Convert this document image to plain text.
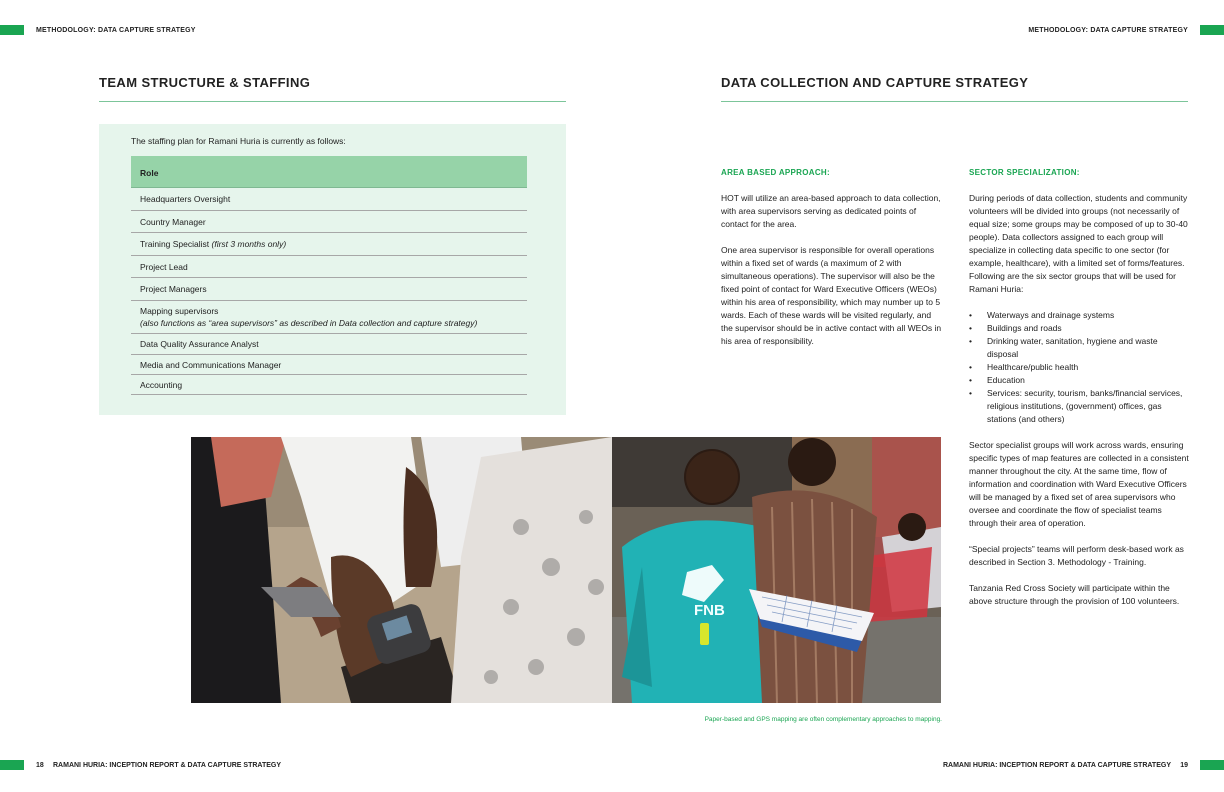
METHODOLOGY: DATA CAPTURE STRATEGY	METHODOLOGY: DATA CAPTURE STRATEGY
TEAM STRUCTURE & STAFFING
The staffing plan for Ramani Huria is currently as follows:
Role
Headquarters Oversight
Country Manager
Training Specialist (first 3 months only)
Project Lead
Project Managers
Mapping supervisors
(also functions as “area supervisors” as described in Data collection and capture strategy)
Data Quality Assurance Analyst
Media and Communications Manager
Accounting
FNB
Paper-based and GPS mapping are often complementary approaches to mapping.
DATA COLLECTION AND CAPTURE STRATEGY
AREA BASED APPROACH:

HOT will utilize an area-based approach to data collection, with area supervisors serving as dedicated points of contact for the area.

One area supervisor is responsible for overall operations within a fixed set of wards (a maximum of 2 with simultaneous operations). The supervisor will also be the fixed point of contact for Ward Executive Officers (WEOs) within his area of responsibility, which may number up to 5 wards. Each of these wards will be visited regularly, and the supervisor should be in active contact with all WEOs in his area of responsibility.

SECTOR SPECIALIZATION:

During periods of data collection, students and community volunteers will be divided into groups (not necessarily of equal size; some groups may be composed of up to 30-40 people). Data collectors assigned to each group will specialize in collecting data specific to one sector (for example, healthcare), with a limited set of forms/features. Following are the six sector groups that will be used for Ramani Huria:

• Waterways and drainage systems
• Buildings and roads
• Drinking water, sanitation, hygiene and waste disposal
• Healthcare/public health
• Education
• Services: security, tourism, banks/financial services, religious institutions, (government) offices, gas stations (and others)

Sector specialist groups will work across wards, ensuring specific types of map features are collected in a consistent manner throughout the city. At the same time, flow of information and coordination with Ward Executive Officers will be managed by a fixed set of area supervisors who oversee and coordinate the flow of specialist teams through their area of operation.

“Special projects” teams will perform desk-based work as described in Section 3. Methodology - Training.

Tanzania Red Cross Society will participate within the above structure through the provision of 100 volunteers.

18 RAMANI HURIA: INCEPTION REPORT & DATA CAPTURE STRATEGY	RAMANI HURIA: INCEPTION REPORT & DATA CAPTURE STRATEGY 19
